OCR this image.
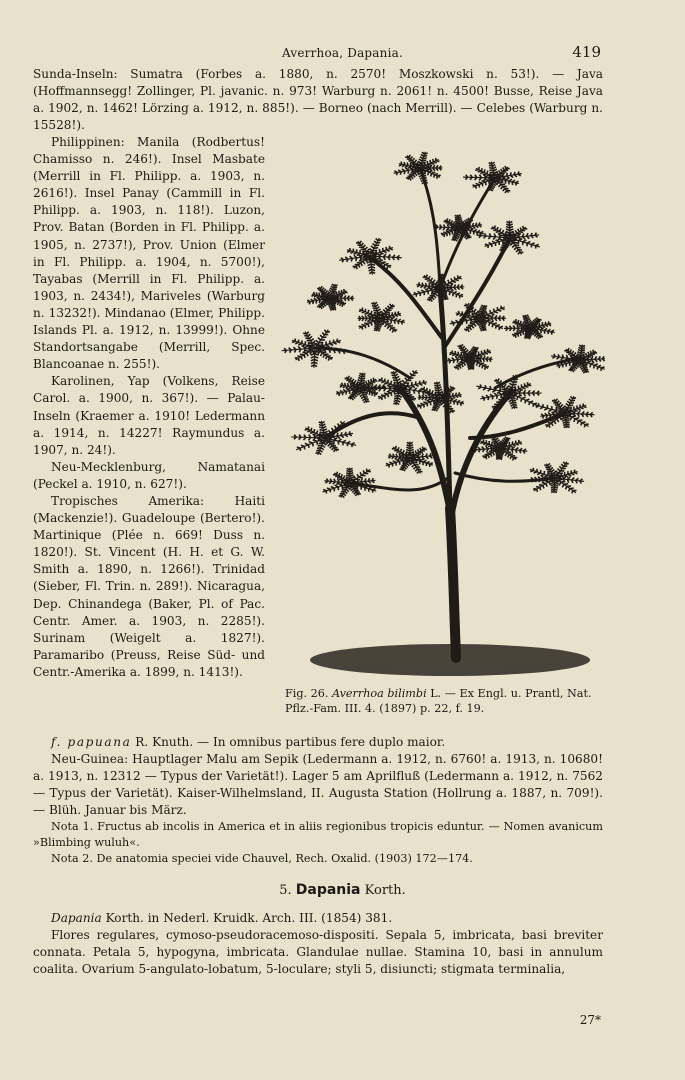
Averrhoa, Dapania.	419
Sunda-Inseln: Sumatra (Forbes a. 1880, n. 2570! Moszkowski n. 53!). — Java (Hoffmannsegg! Zollinger, Pl. javanic. n. 973! Warburg n. 2061! n. 4500! Busse, Reise Java a. 1902, n. 1462! Lörzing a. 1912, n. 885!). — Borneo (nach Merrill). — Celebes (Warburg n. 15528!).

Philippinen: Manila (Rodbertus! Chamisso n. 246!). Insel Masbate (Merrill in Fl. Philipp. a. 1903, n. 2616!). Insel Panay (Cammill in Fl. Philipp. a. 1903, n. 118!). Luzon, Prov. Batan (Borden in Fl. Philipp. a. 1905, n. 2737!), Prov. Union (Elmer in Fl. Philipp. a. 1904, n. 5700!), Tayabas (Merrill in Fl. Philipp. a. 1903, n. 2434!), Mariveles (Warburg n. 13232!). Mindanao (Elmer, Philipp. Islands Pl. a. 1912, n. 13999!). Ohne Standortsangabe (Merrill, Spec. Blancoanae n. 255!).

Karolinen, Yap (Volkens, Reise Carol. a. 1900, n. 367!). — Palau-Inseln (Kraemer a. 1910! Ledermann a. 1914, n. 14227! Raymundus a. 1907, n. 24!).

Neu-Mecklenburg, Namatanai (Peckel a. 1910, n. 627!).

Tropisches Amerika: Haiti (Mackenzie!). Guadeloupe (Bertero!). Martinique (Plée n. 669! Duss n. 1820!). St. Vincent (H. H. et G. W. Smith a. 1890, n. 1266!). Trinidad (Sieber, Fl. Trin. n. 289!). Nicaragua, Dep. Chinandega (Baker, Pl. of Pac. Centr. Amer. a. 1903, n. 2285!). Surinam (Weigelt a. 1827!). Paramaribo (Preuss, Reise Süd- und Centr.-Amerika a. 1899, n. 1413!).

Fig. 26. Averrhoa bilimbi L. — Ex Engl. u. Prantl, Nat. Pflz.-Fam. III. 4. (1897) p. 22, f. 19.

f. papuana R. Knuth. — In omnibus partibus fere duplo maior.

Neu-Guinea: Hauptlager Malu am Sepik (Ledermann a. 1912, n. 6760! a. 1913, n. 10680! a. 1913, n. 12312 — Typus der Varietät!). Lager 5 am Aprilfluß (Ledermann a. 1912, n. 7562 — Typus der Varietät). Kaiser-Wilhelmsland, II. Augusta Station (Hollrung a. 1887, n. 709!). — Blüh. Januar bis März.

Nota 1. Fructus ab incolis in America et in aliis regionibus tropicis eduntur. — Nomen avanicum »Blimbing wuluh«.

Nota 2. De anatomia speciei vide Chauvel, Rech. Oxalid. (1903) 172—174.

5. Dapania Korth.

Dapania Korth. in Nederl. Kruidk. Arch. III. (1854) 381.

Flores regulares, cymoso-pseudoracemoso-dispositi. Sepala 5, imbricata, basi breviter connata. Petala 5, hypogyna, imbricata. Glandulae nullae. Stamina 10, basi in annulum coalita. Ovarium 5-angulato-lobatum, 5-loculare; styli 5, disiuncti; stigmata terminalia,

27*
